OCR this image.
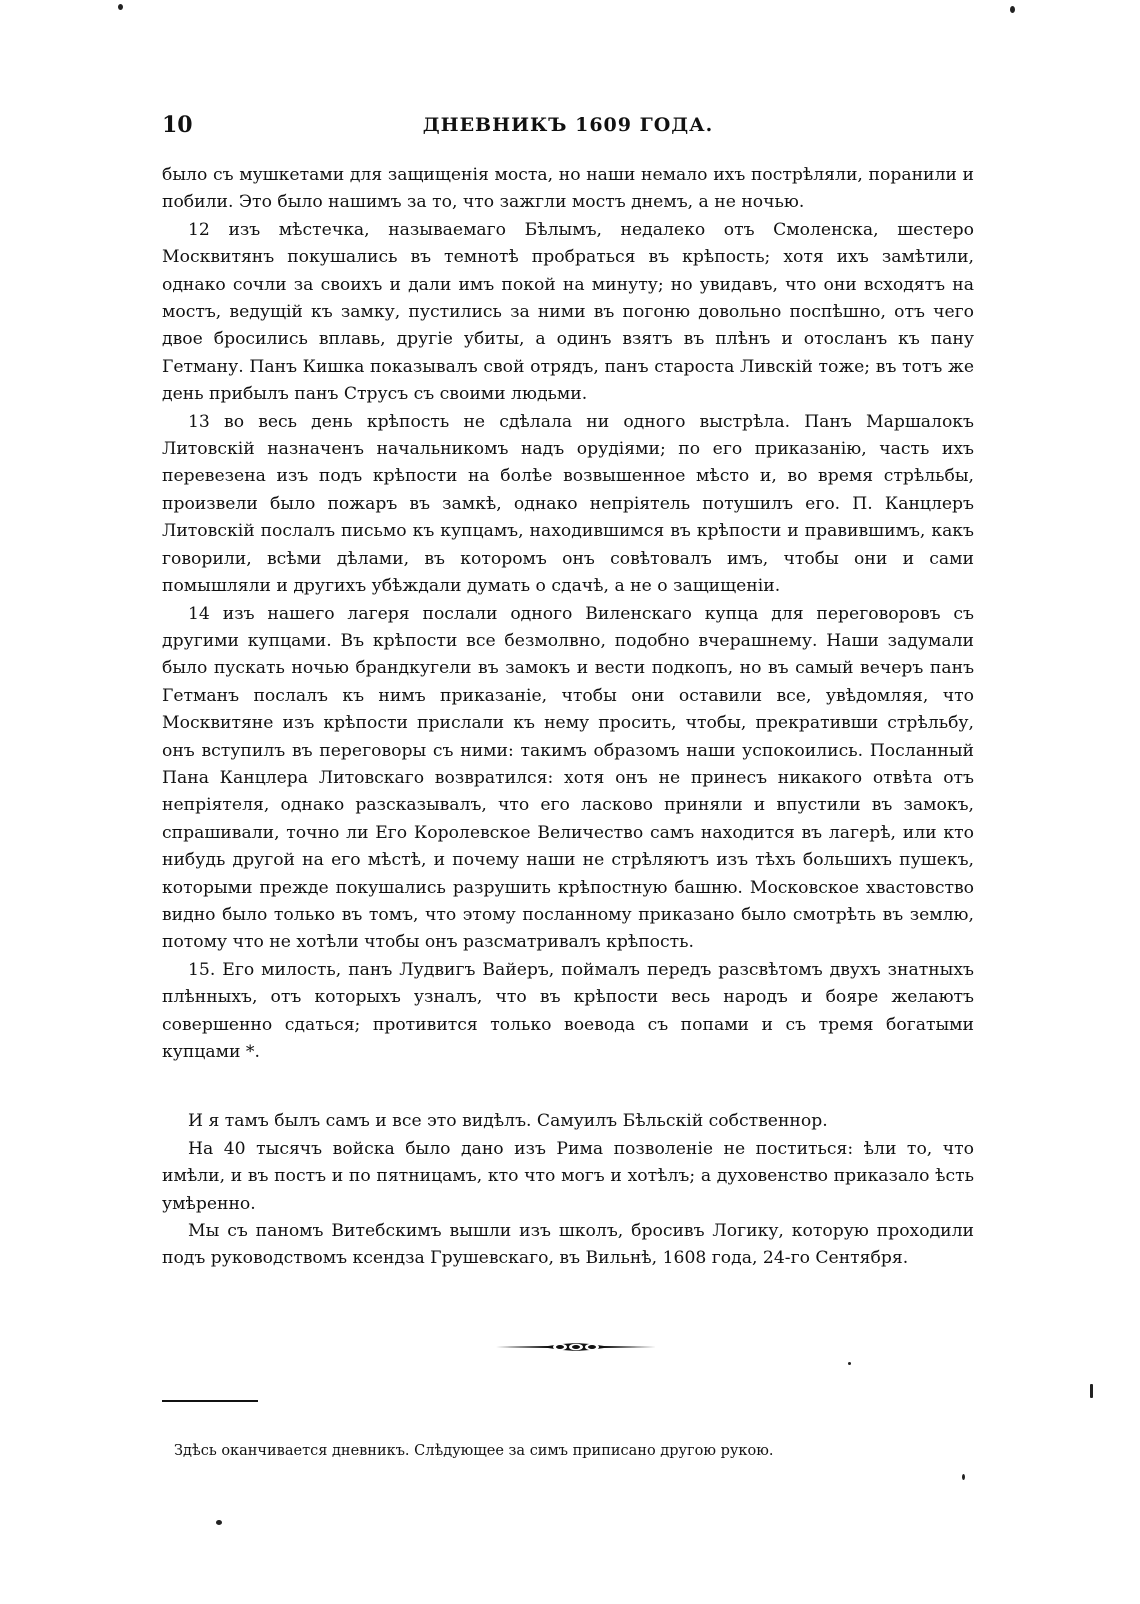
10	ДНЕВНИКЪ 1609 ГОДА.

было съ мушкетами для защищенія моста, но наши немало ихъ пострѣляли, поранили и побили. Это было нашимъ за то, что зажгли мостъ днемъ, а не ночью.

12 изъ мѣстечка, называемаго Бѣлымъ, недалеко отъ Смоленска, шестеро Москвитянъ покушались въ темнотѣ пробраться въ крѣпость; хотя ихъ замѣтили, однако сочли за своихъ и дали имъ покой на минуту; но увидавъ, что они всходятъ на мостъ, ведущій къ замку, пустились за ними въ погоню довольно поспѣшно, отъ чего двое бросились вплавь, другіе убиты, а одинъ взятъ въ плѣнъ и отосланъ къ пану Гетману. Панъ Кишка показывалъ свой отрядъ, панъ староста Ливскій тоже; въ тотъ же день прибылъ панъ Струсъ съ своими людьми.

13 во весь день крѣпость не сдѣлала ни одного выстрѣла. Панъ Маршалокъ Литовскій назначенъ начальникомъ надъ орудіями; по его приказанію, часть ихъ перевезена изъ подъ крѣпости на болѣе возвышенное мѣсто и, во время стрѣльбы, произвели было пожаръ въ замкѣ, однако непріятель потушилъ его. П. Канцлеръ Литовскій послалъ письмо къ купцамъ, находившимся въ крѣпости и правившимъ, какъ говорили, всѣми дѣлами, въ которомъ онъ совѣтовалъ имъ, чтобы они и сами помышляли и другихъ убѣждали думать о сдачѣ, а не о защищеніи.

14 изъ нашего лагеря послали одного Виленскаго купца для переговоровъ съ другими купцами. Въ крѣпости все безмолвно, подобно вчерашнему. Наши задумали было пускать ночью брандкугели въ замокъ и вести подкопъ, но въ самый вечеръ панъ Гетманъ послалъ къ нимъ приказаніе, чтобы они оставили все, увѣдомляя, что Москвитяне изъ крѣпости прислали къ нему просить, чтобы, прекративши стрѣльбу, онъ вступилъ въ переговоры съ ними: такимъ образомъ наши успокоились. Посланный Пана Канцлера Литовскаго возвратился: хотя онъ не принесъ никакого отвѣта отъ непріятеля, однако разсказывалъ, что его ласково приняли и впустили въ замокъ, спрашивали, точно ли Его Королевское Величество самъ находится въ лагерѣ, или кто нибудь другой на его мѣстѣ, и почему наши не стрѣляютъ изъ тѣхъ большихъ пушекъ, которыми прежде покушались разрушить крѣпостную башню. Московское хвастовство видно было только въ томъ, что этому посланному приказано было смотрѣть въ землю, потому что не хотѣли чтобы онъ разсматривалъ крѣпость.

15. Его милость, панъ Лудвигъ Вайеръ, поймалъ передъ разсвѣтомъ двухъ знатныхъ плѣнныхъ, отъ которыхъ узналъ, что въ крѣпости весь народъ и бояре желаютъ совершенно сдаться; противится только воевода съ попами и съ тремя богатыми купцами *.

И я тамъ былъ самъ и все это видѣлъ. Самуилъ Бѣльскій собственнор.

На 40 тысячъ войска было дано изъ Рима позволеніе не поститься: ѣли то, что имѣли, и въ постъ и по пятницамъ, кто что могъ и хотѣлъ; а духовенство приказало ѣсть умѣренно.

Мы съ паномъ Витебскимъ вышли изъ школъ, бросивъ Логику, которую проходили подъ руководствомъ ксендза Грушевскаго, въ Вильнѣ, 1608 года, 24-го Сентября.

Здѣсь оканчивается дневникъ. Слѣдующее за симъ приписано другою рукою.
